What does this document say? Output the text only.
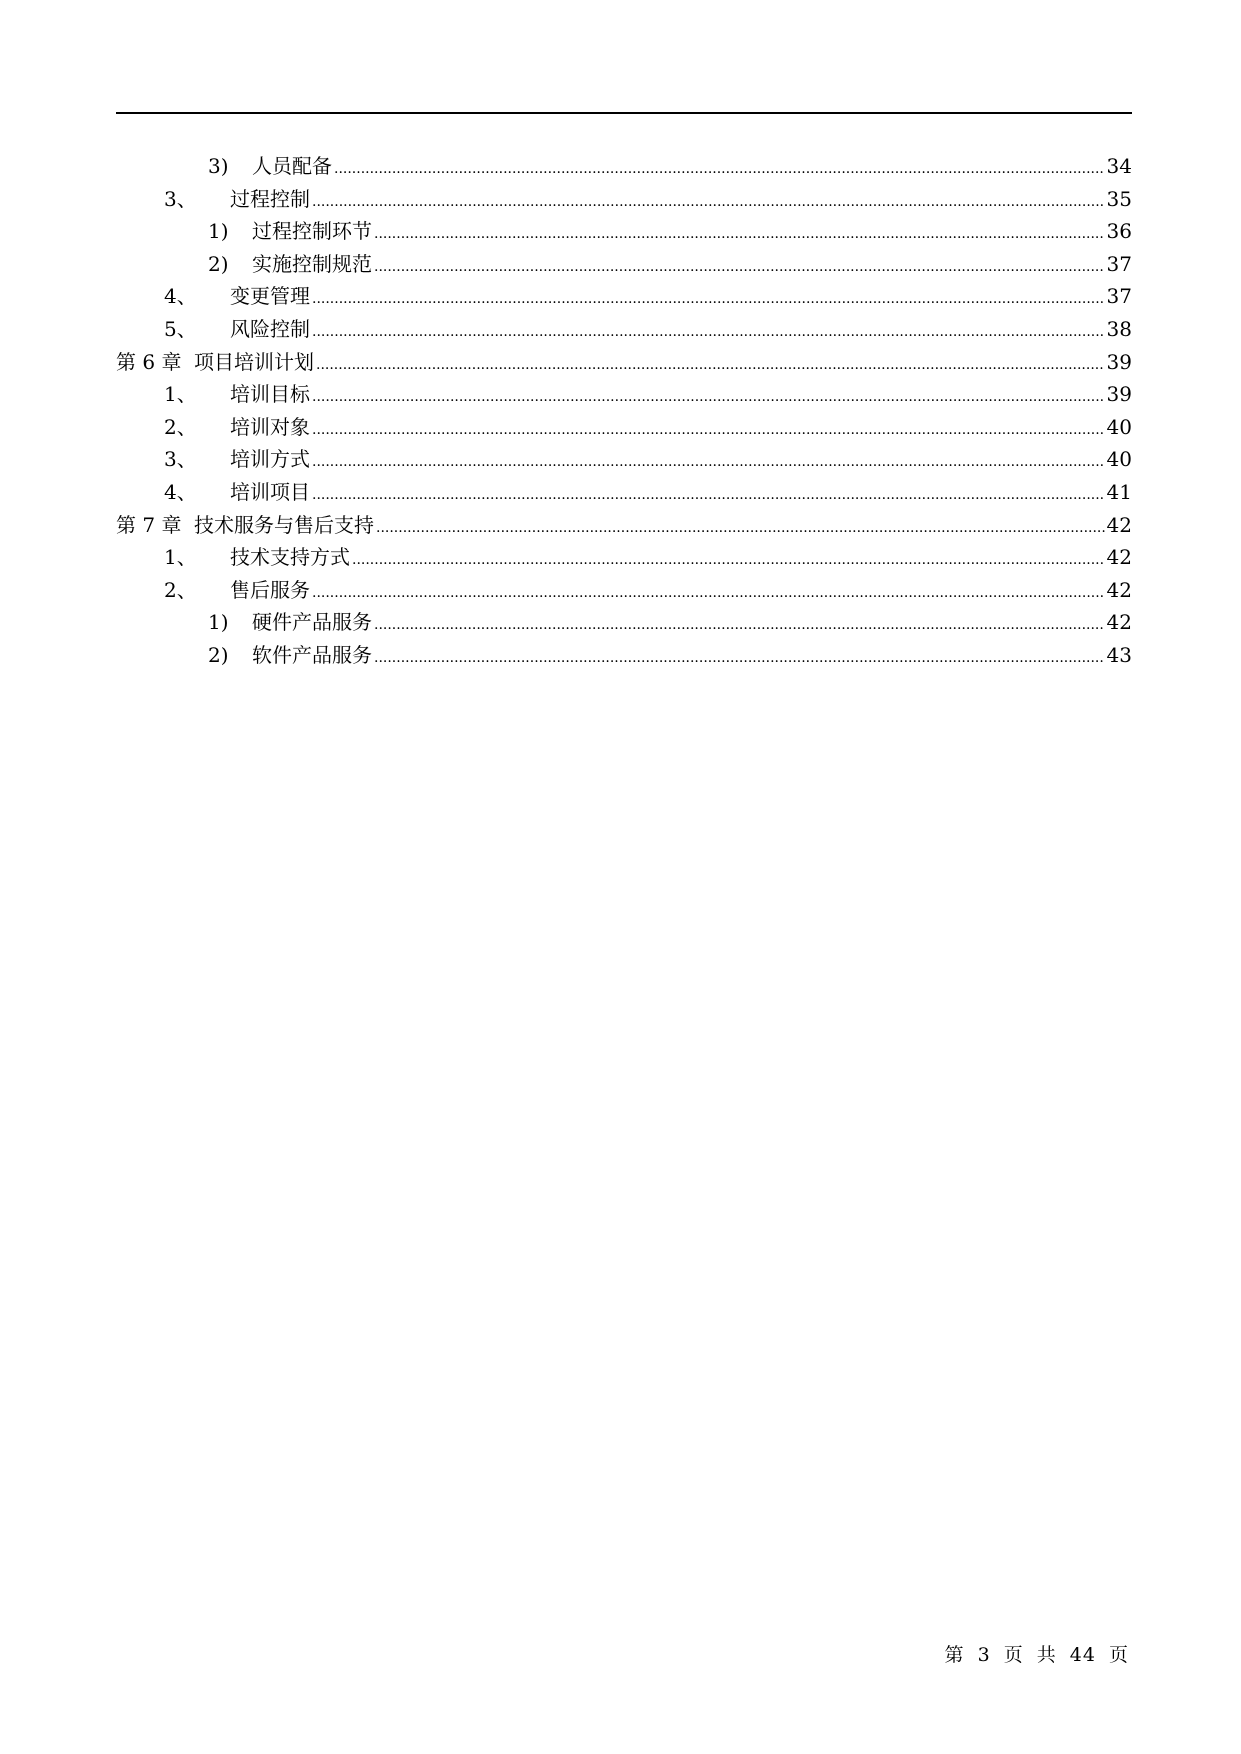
3)	人员配备 .....	34
3、	过程控制 .....	35
1)	过程控制环节 .....	36
2)	实施控制规范 .....	37
4、	变更管理 .....	37
5、	风险控制 .....	38
第 6 章 项目培训计划 .....	39
1、	培训目标 .....	39
2、	培训对象 .....	40
3、	培训方式 .....	40
4、	培训项目 .....	41
第 7 章 技术服务与售后支持 .....	42
1、	技术支持方式 .....	42
2、	售后服务 .....	42
1)	硬件产品服务 .....	42
2)	软件产品服务 .....	43
第 3 页 共 44 页
